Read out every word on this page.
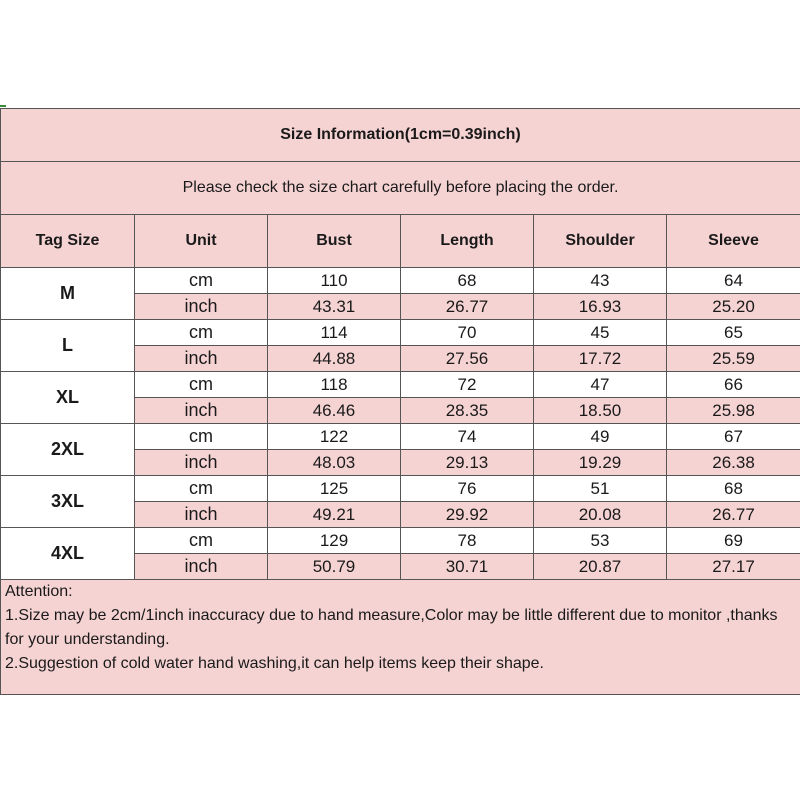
Size Information(1cm=0.39inch)					
Please check the size chart carefully before placing the order.					
Tag Size	Unit	Bust	Length	Shoulder	Sleeve
M	cm	110	68	43	64
	inch	43.31	26.77	16.93	25.20
L	cm	114	70	45	65
	inch	44.88	27.56	17.72	25.59
XL	cm	118	72	47	66
	inch	46.46	28.35	18.50	25.98
2XL	cm	122	74	49	67
	inch	48.03	29.13	19.29	26.38
3XL	cm	125	76	51	68
	inch	49.21	29.92	20.08	26.77
4XL	cm	129	78	53	69
	inch	50.79	30.71	20.87	27.17

Attention:
1.Size may be 2cm/1inch inaccuracy due to hand measure,Color may be little different due to monitor ,thanks for your understanding.
2.Suggestion of cold water hand washing,it can help items keep their shape.					
